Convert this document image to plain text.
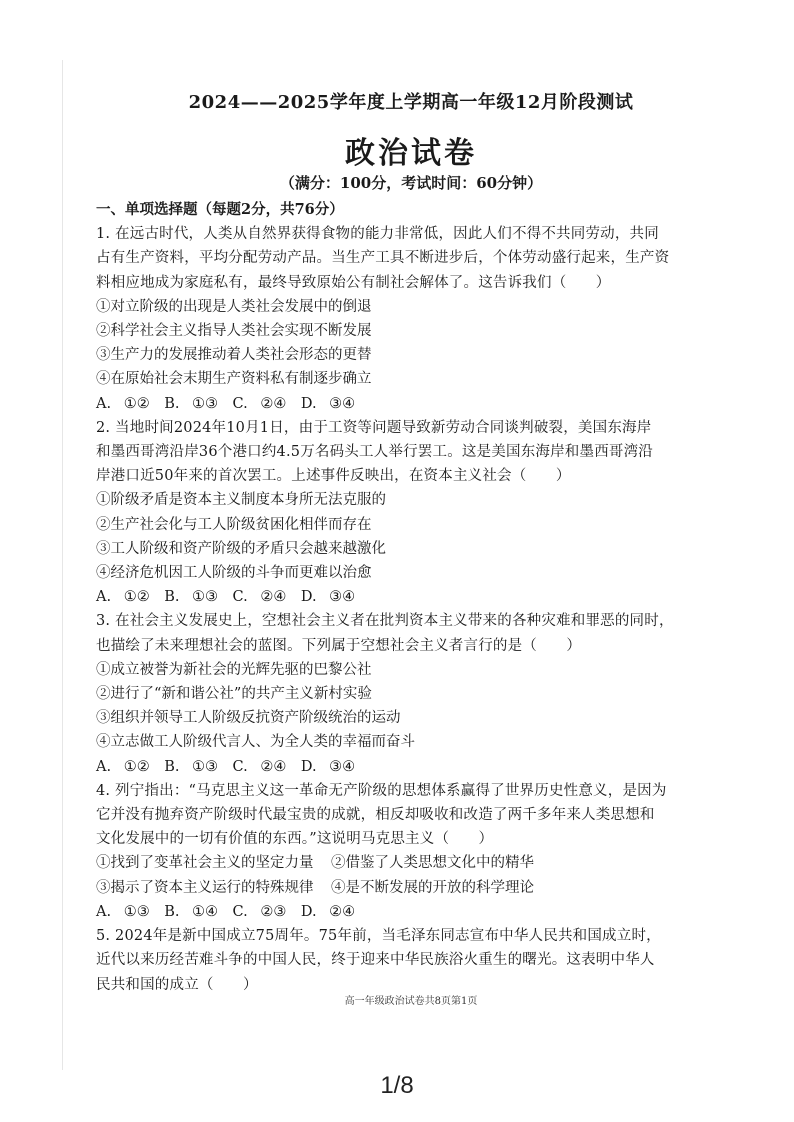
2024——2025学年度上学期高一年级12月阶段测试
政治试卷
（满分：100分，考试时间：60分钟）

一、单项选择题（每题2分，共76分）

1. 在远古时代，人类从自然界获得食物的能力非常低，因此人们不得不共同劳动，共同

占有生产资料，平均分配劳动产品。当生产工具不断进步后，个体劳动盛行起来，生产资

料相应地成为家庭私有，最终导致原始公有制社会解体了。这告诉我们（　　）

①对立阶级的出现是人类社会发展中的倒退

②科学社会主义指导人类社会实现不断发展

③生产力的发展推动着人类社会形态的更替

④在原始社会末期生产资料私有制逐步确立

A. ①②　B. ①③　C. ②④　D. ③④

2. 当地时间2024年10月1日，由于工资等问题导致新劳动合同谈判破裂，美国东海岸

和墨西哥湾沿岸36个港口约4.5万名码头工人举行罢工。这是美国东海岸和墨西哥湾沿

岸港口近50年来的首次罢工。上述事件反映出，在资本主义社会（　　）

①阶级矛盾是资本主义制度本身所无法克服的

②生产社会化与工人阶级贫困化相伴而存在

③工人阶级和资产阶级的矛盾只会越来越激化

④经济危机因工人阶级的斗争而更难以治愈

A. ①②　B. ①③　C. ②④　D. ③④

3. 在社会主义发展史上，空想社会主义者在批判资本主义带来的各种灾难和罪恶的同时，

也描绘了未来理想社会的蓝图。下列属于空想社会主义者言行的是（　　）

①成立被誉为新社会的光辉先驱的巴黎公社

②进行了“新和谐公社”的共产主义新村实验

③组织并领导工人阶级反抗资产阶级统治的运动

④立志做工人阶级代言人、为全人类的幸福而奋斗

A. ①②　B. ①③　C. ②④　D. ③④

4. 列宁指出：“马克思主义这一革命无产阶级的思想体系赢得了世界历史性意义，是因为

它并没有抛弃资产阶级时代最宝贵的成就，相反却吸收和改造了两千多年来人类思想和

文化发展中的一切有价值的东西。”这说明马克思主义（　　）

①找到了变革社会主义的坚定力量	②借鉴了人类思想文化中的精华

③揭示了资本主义运行的特殊规律	④是不断发展的开放的科学理论

A. ①③　B. ①④　C. ②③　D. ②④

5. 2024年是新中国成立75周年。75年前，当毛泽东同志宣布中华人民共和国成立时，

近代以来历经苦难斗争的中国人民，终于迎来中华民族浴火重生的曙光。这表明中华人

民共和国的成立（　　）

高一年级政治试卷共8页第1页
1/8
